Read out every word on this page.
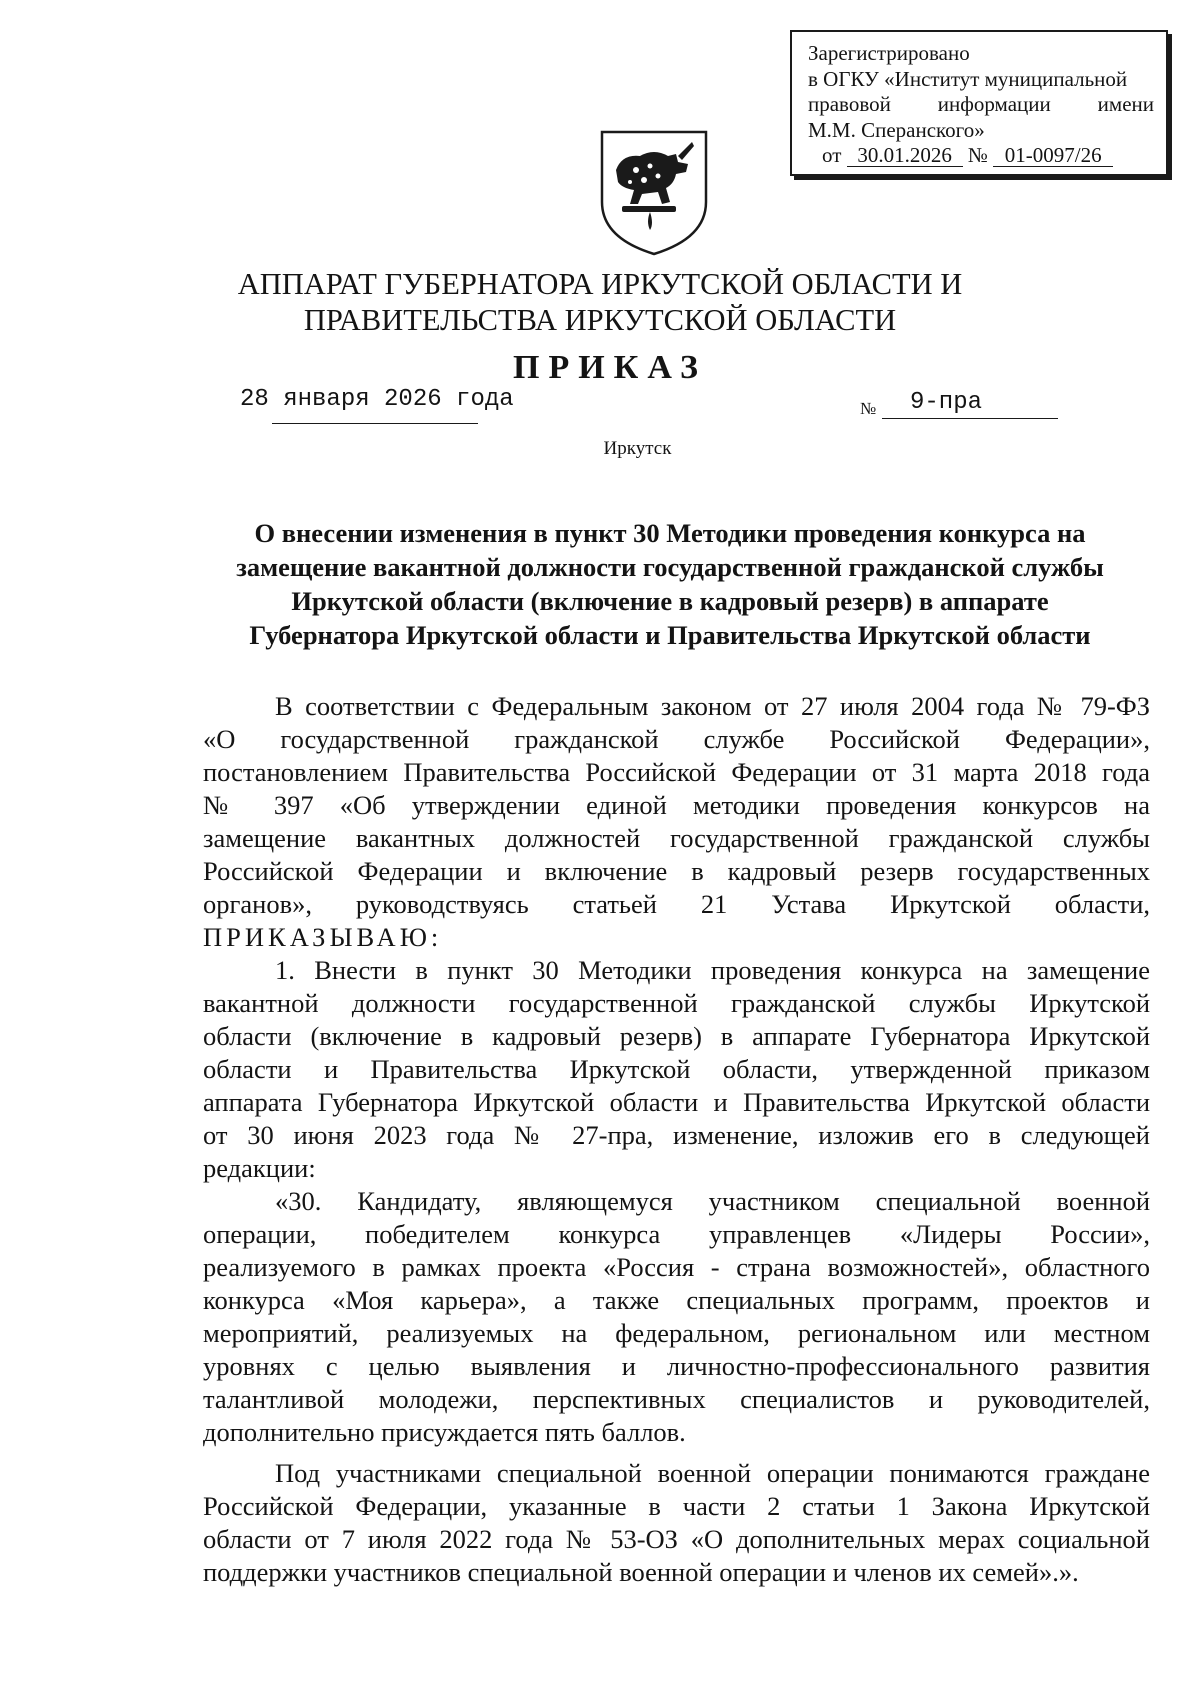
Зарегистрировано
в ОГКУ «Институт муниципальной
правовой информации имени
М.М. Сперанского»
от 30.01.2026 № 01-0097/26
АППАРАТ ГУБЕРНАТОРА ИРКУТСКОЙ ОБЛАСТИ И
ПРАВИТЕЛЬСТВА ИРКУТСКОЙ ОБЛАСТИ
ПРИКАЗ
28 января 2026 года	№ 9-пра
Иркутск
О внесении изменения в пункт 30 Методики проведения конкурса на
замещение вакантной должности государственной гражданской службы
Иркутской области (включение в кадровый резерв) в аппарате
Губернатора Иркутской области и Правительства Иркутской области
В соответствии с Федеральным законом от 27 июля 2004 года № 79-ФЗ
«О государственной гражданской службе Российской Федерации»,
постановлением Правительства Российской Федерации от 31 марта 2018 года
№ 397 «Об утверждении единой методики проведения конкурсов на
замещение вакантных должностей государственной гражданской службы
Российской Федерации и включение в кадровый резерв государственных
органов», руководствуясь статьей 21 Устава Иркутской области,
ПРИКАЗЫВАЮ:
1. Внести в пункт 30 Методики проведения конкурса на замещение
вакантной должности государственной гражданской службы Иркутской
области (включение в кадровый резерв) в аппарате Губернатора Иркутской
области и Правительства Иркутской области, утвержденной приказом
аппарата Губернатора Иркутской области и Правительства Иркутской области
от 30 июня 2023 года № 27-пра, изменение, изложив его в следующей
редакции:
«30. Кандидату, являющемуся участником специальной военной
операции, победителем конкурса управленцев «Лидеры России»,
реализуемого в рамках проекта «Россия - страна возможностей», областного
конкурса «Моя карьера», а также специальных программ, проектов и
мероприятий, реализуемых на федеральном, региональном или местном
уровнях с целью выявления и личностно-профессионального развития
талантливой молодежи, перспективных специалистов и руководителей,
дополнительно присуждается пять баллов.
Под участниками специальной военной операции понимаются граждане
Российской Федерации, указанные в части 2 статьи 1 Закона Иркутской
области от 7 июля 2022 года № 53-ОЗ «О дополнительных мерах социальной
поддержки участников специальной военной операции и членов их семей».».
